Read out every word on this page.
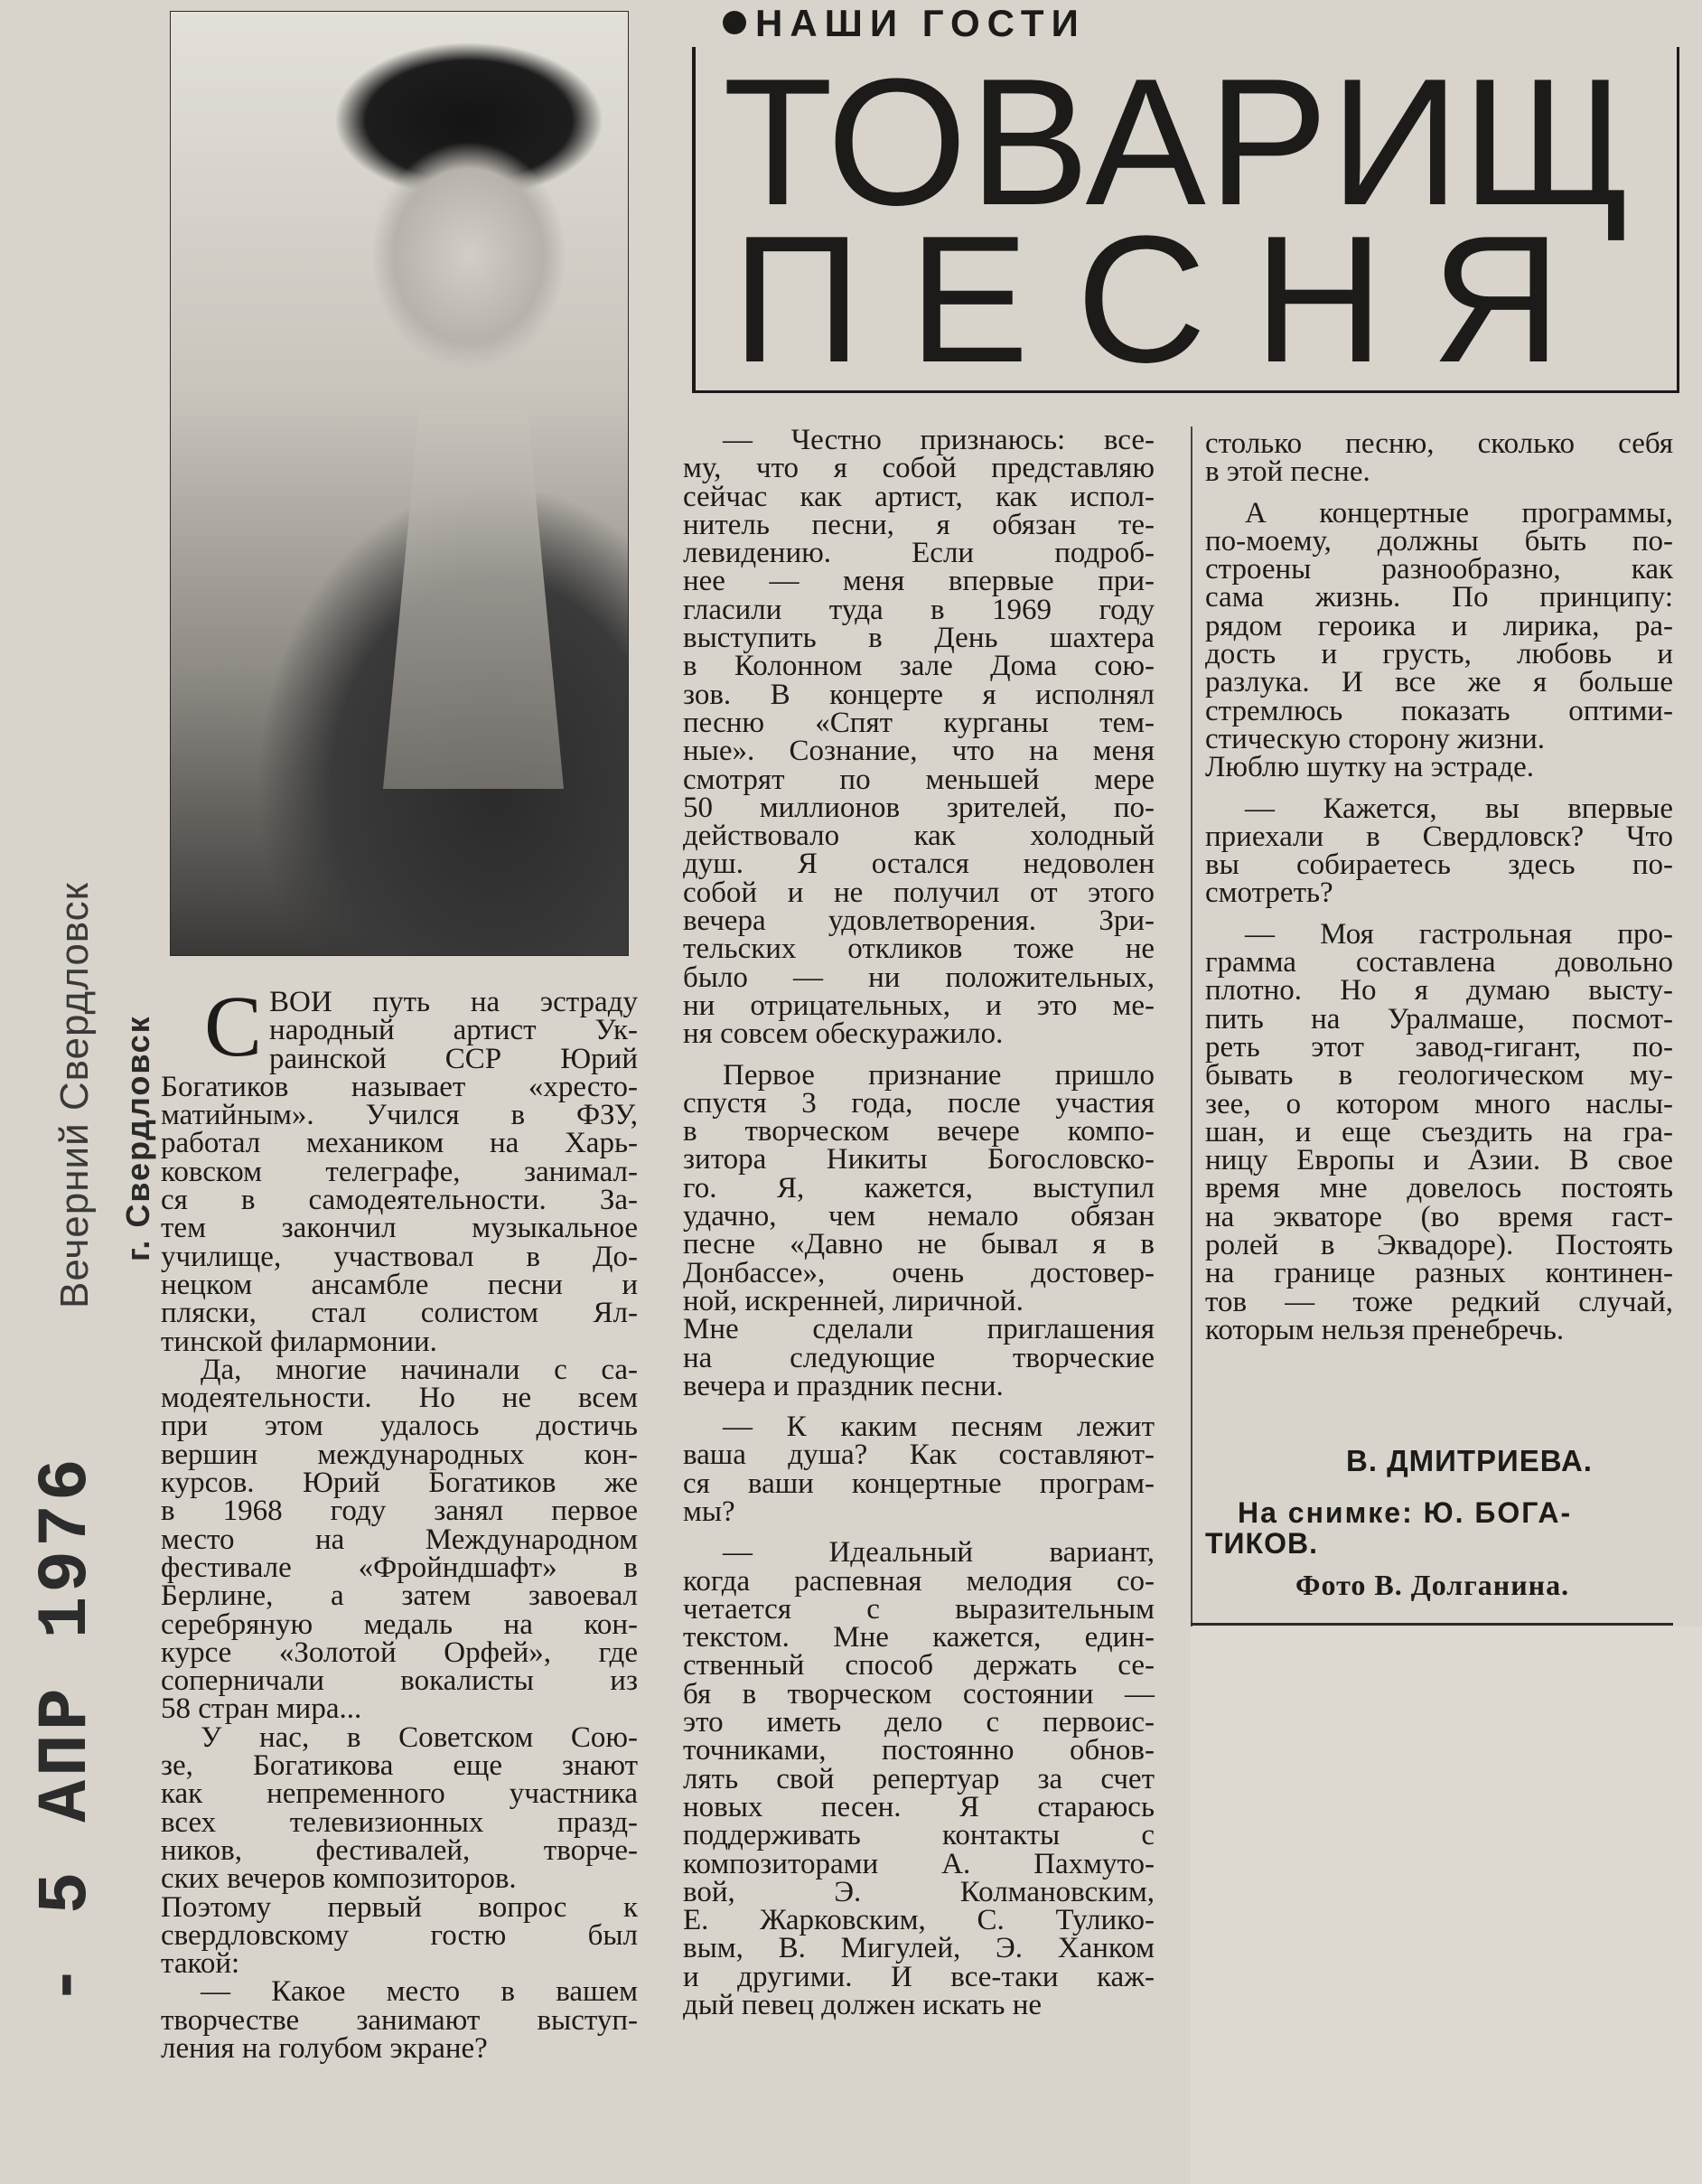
Вечерний Свердловск г. Свердловск
- 5 АПР 1976
НАШИ ГОСТИ
ТОВАРИЩ
ПЕСНЯ
С ВОИ путь на эстраду
народный артист Ук-
раинской ССР Юрий
Богатиков называет «хресто-
матийным». Учился в ФЗУ,
работал механиком на Харь-
ковском телеграфе, занимал-
ся в самодеятельности. За-
тем закончил музыкальное
училище, участвовал в До-
нецком ансамбле песни и
пляски, стал солистом Ял-
тинской филармонии.
Да, многие начинали с са-
модеятельности. Но не всем
при этом удалось достичь
вершин международных кон-
курсов. Юрий Богатиков же
в 1968 году занял первое
место на Международном
фестивале «Фройндшафт» в
Берлине, а затем завоевал
серебряную медаль на кон-
курсе «Золотой Орфей», где
соперничали вокалисты из
58 стран мира...
У нас, в Советском Сою-
зе, Богатикова еще знают
как непременного участника
всех телевизионных празд-
ников, фестивалей, творче-
ских вечеров композиторов.
Поэтому первый вопрос к
свердловскому гостю был
такой:
— Какое место в вашем
творчестве занимают выступ-
ления на голубом экране?
— Честно признаюсь: все-
му, что я собой представляю
сейчас как артист, как испол-
нитель песни, я обязан те-
левидению. Если подроб-
нее — меня впервые при-
гласили туда в 1969 году
выступить в День шахтера
в Колонном зале Дома сою-
зов. В концерте я исполнял
песню «Спят курганы тем-
ные». Сознание, что на меня
смотрят по меньшей мере
50 миллионов зрителей, по-
действовало как холодный
душ. Я остался недоволен
собой и не получил от этого
вечера удовлетворения. Зри-
тельских откликов тоже не
было — ни положительных,
ни отрицательных, и это ме-
ня совсем обескуражило.

Первое признание пришло
спустя 3 года, после участия
в творческом вечере компо-
зитора Никиты Богословско-
го. Я, кажется, выступил
удачно, чем немало обязан
песне «Давно не бывал я в
Донбассе», очень достовер-
ной, искренней, лиричной.
Мне сделали приглашения
на следующие творческие
вечера и праздник песни.

— К каким песням лежит
ваша душа? Как составляют-
ся ваши концертные програм-
мы?

— Идеальный вариант,
когда распевная мелодия со-
четается с выразительным
текстом. Мне кажется, един-
ственный способ держать се-
бя в творческом состоянии —
это иметь дело с первоис-
точниками, постоянно обнов-
лять свой репертуар за счет
новых песен. Я стараюсь
поддерживать контакты с
композиторами А. Пахмуто-
вой, Э. Колмановским,
Е. Жарковским, С. Тулико-
вым, В. Мигулей, Э. Ханком
и другими. И все-таки каж-
дый певец должен искать не
столько песню, сколько себя
в этой песне.

А концертные программы,
по-моему, должны быть по-
строены разнообразно, как
сама жизнь. По принципу:
рядом героика и лирика, ра-
дость и грусть, любовь и
разлука. И все же я больше
стремлюсь показать оптими-
стическую сторону жизни.
Люблю шутку на эстраде.

— Кажется, вы впервые
приехали в Свердловск? Что
вы собираетесь здесь по-
смотреть?

— Моя гастрольная про-
грамма составлена довольно
плотно. Но я думаю высту-
пить на Уралмаше, посмот-
реть этот завод-гигант, по-
бывать в геологическом му-
зее, о котором много наслы-
шан, и еще съездить на гра-
ницу Европы и Азии. В свое
время мне довелось постоять
на экваторе (во время гаст-
ролей в Эквадоре). Постоять
на границе разных континен-
тов — тоже редкий случай,
которым нельзя пренебречь.
В. ДМИТРИЕВА.
На снимке: Ю. БОГА-
ТИКОВ.
Фото В. Долганина.
